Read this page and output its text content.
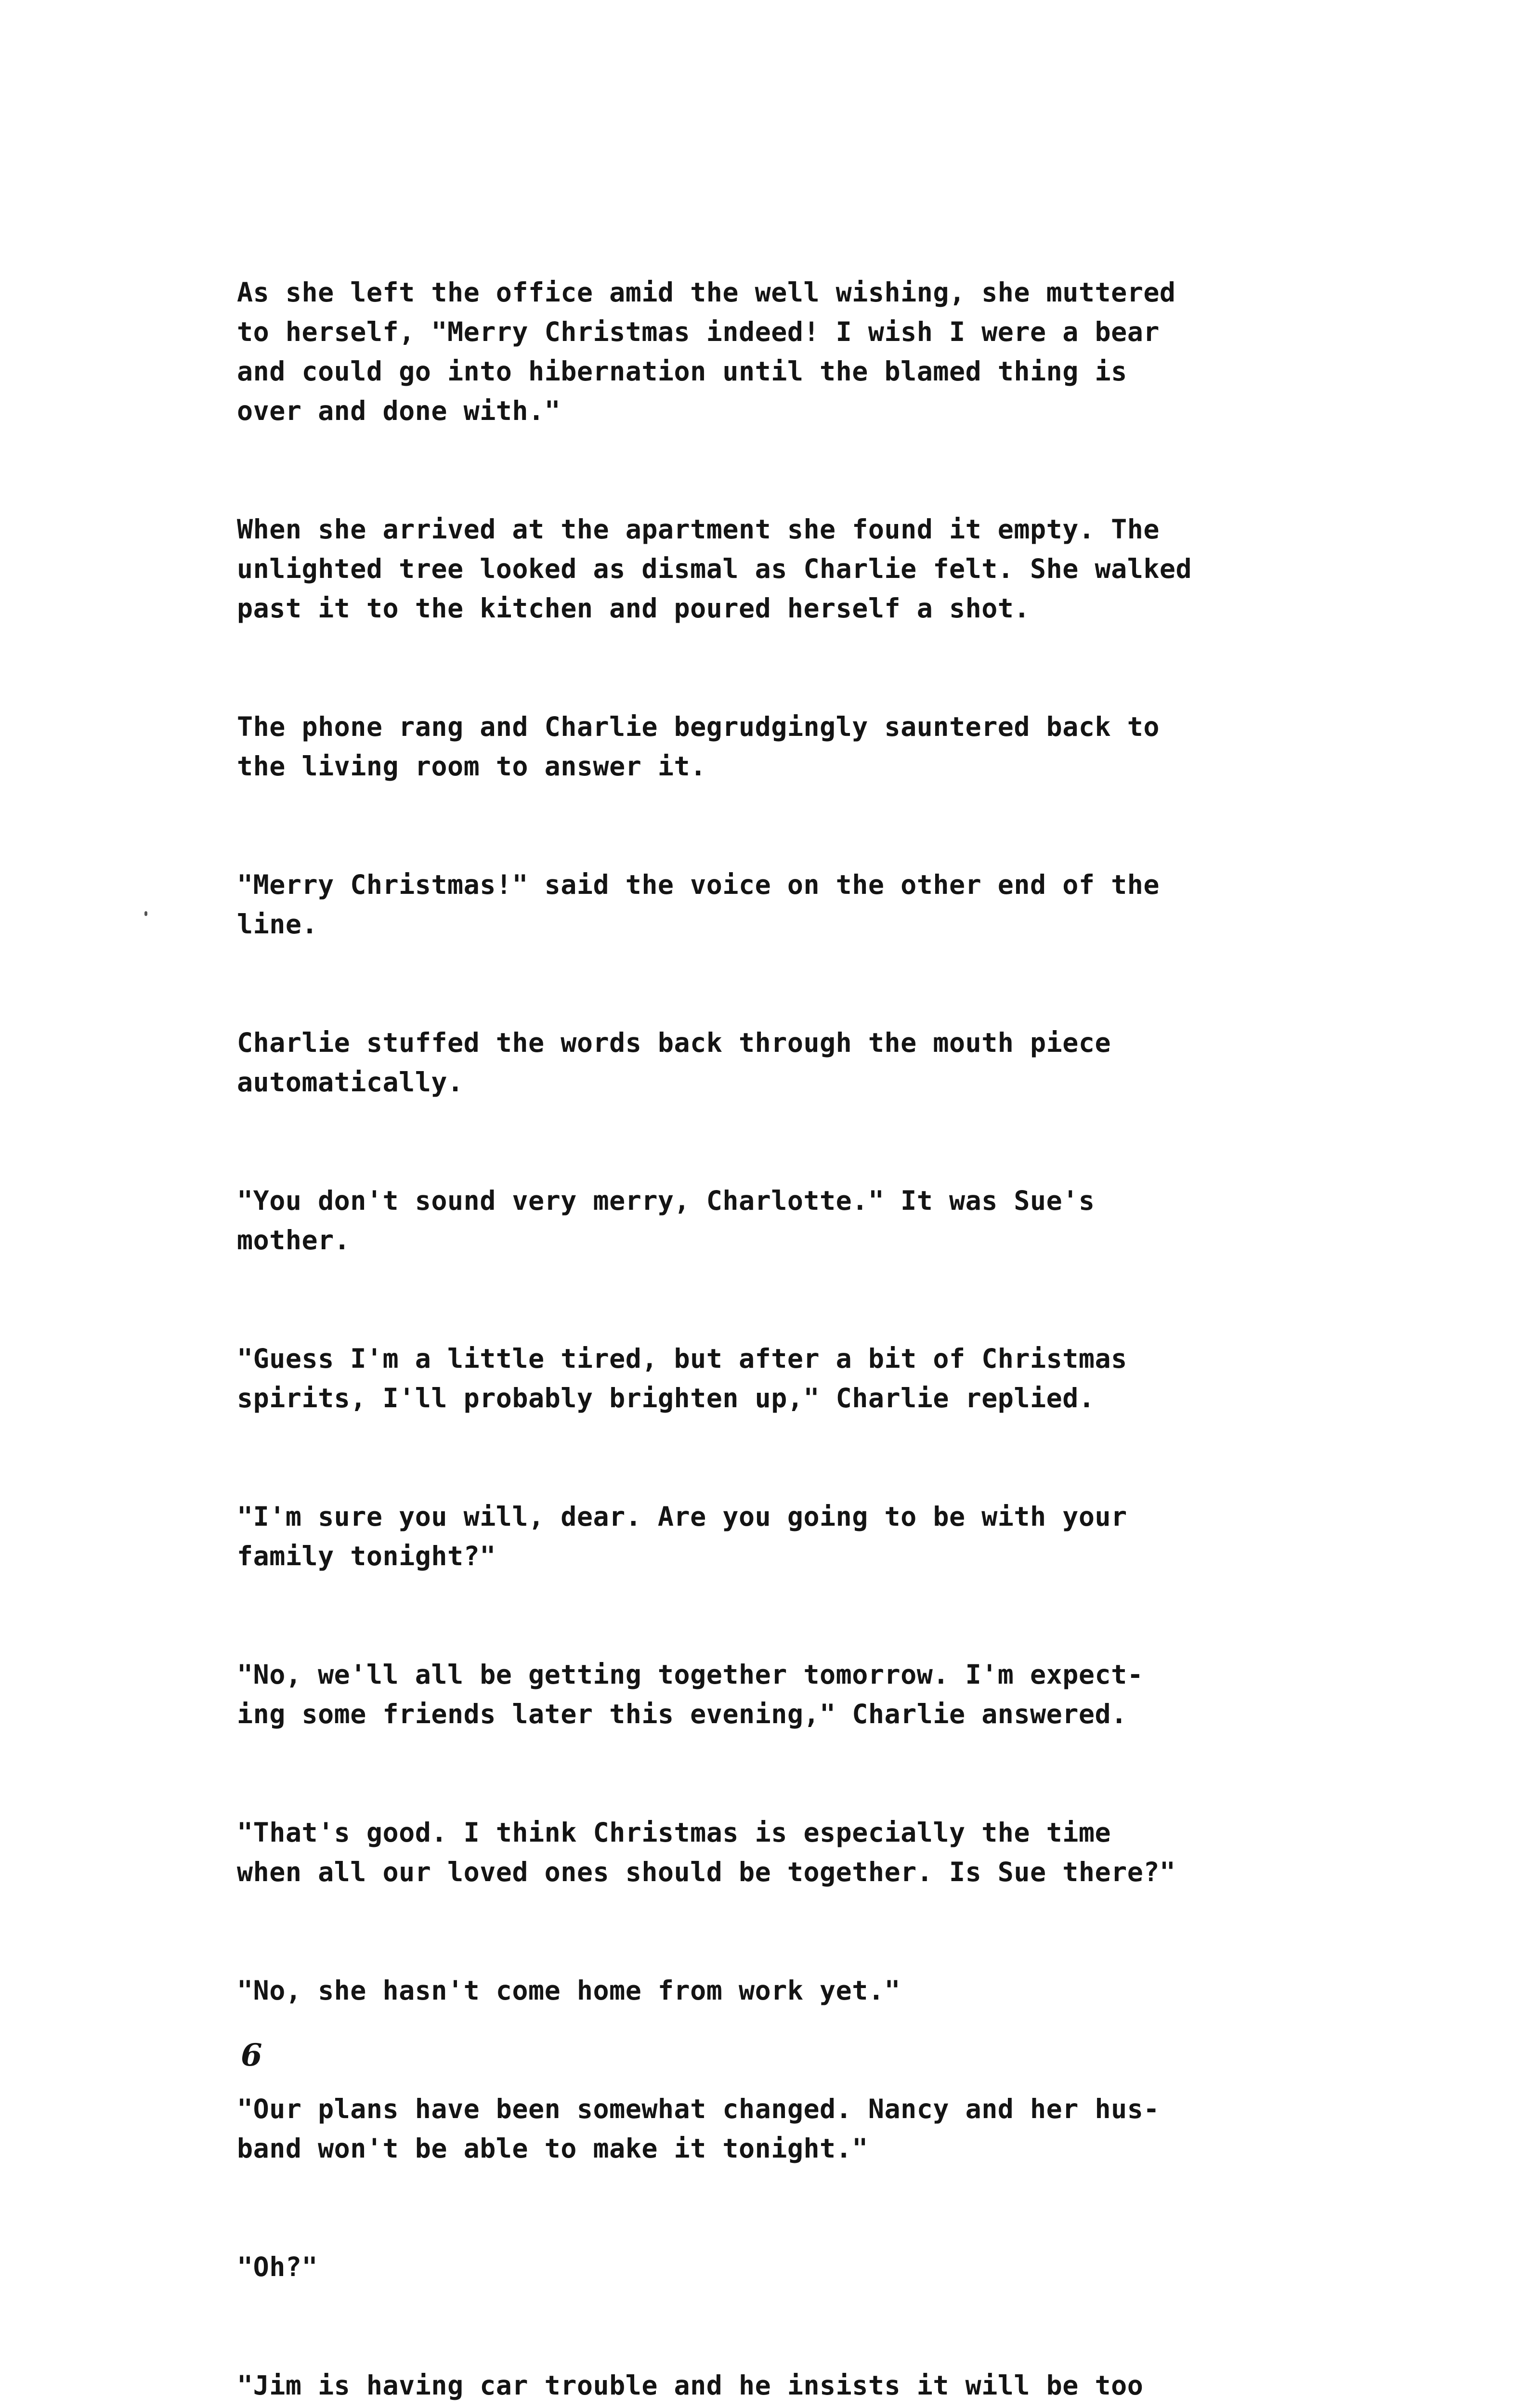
As she left the office amid the well wishing, she muttered
to herself, "Merry Christmas indeed! I wish I were a bear
and could go into hibernation until the blamed thing is
over and done with."

When she arrived at the apartment she found it empty. The
unlighted tree looked as dismal as Charlie felt. She walked
past it to the kitchen and poured herself a shot.

The phone rang and Charlie begrudgingly sauntered back to
the living room to answer it.

"Merry Christmas!" said the voice on the other end of the
line.

Charlie stuffed the words back through the mouth piece
automatically.

"You don't sound very merry, Charlotte." It was Sue's
mother.

"Guess I'm a little tired, but after a bit of Christmas
spirits, I'll probably brighten up," Charlie replied.

"I'm sure you will, dear. Are you going to be with your
family tonight?"

"No, we'll all be getting together tomorrow. I'm expect-
ing some friends later this evening," Charlie answered.

"That's good. I think Christmas is especially the time
when all our loved ones should be together. Is Sue there?"

"No, she hasn't come home from work yet."

"Our plans have been somewhat changed. Nancy and her hus-
band won't be able to make it tonight."

"Oh?"

"Jim is having car trouble and he insists it will be too

6
